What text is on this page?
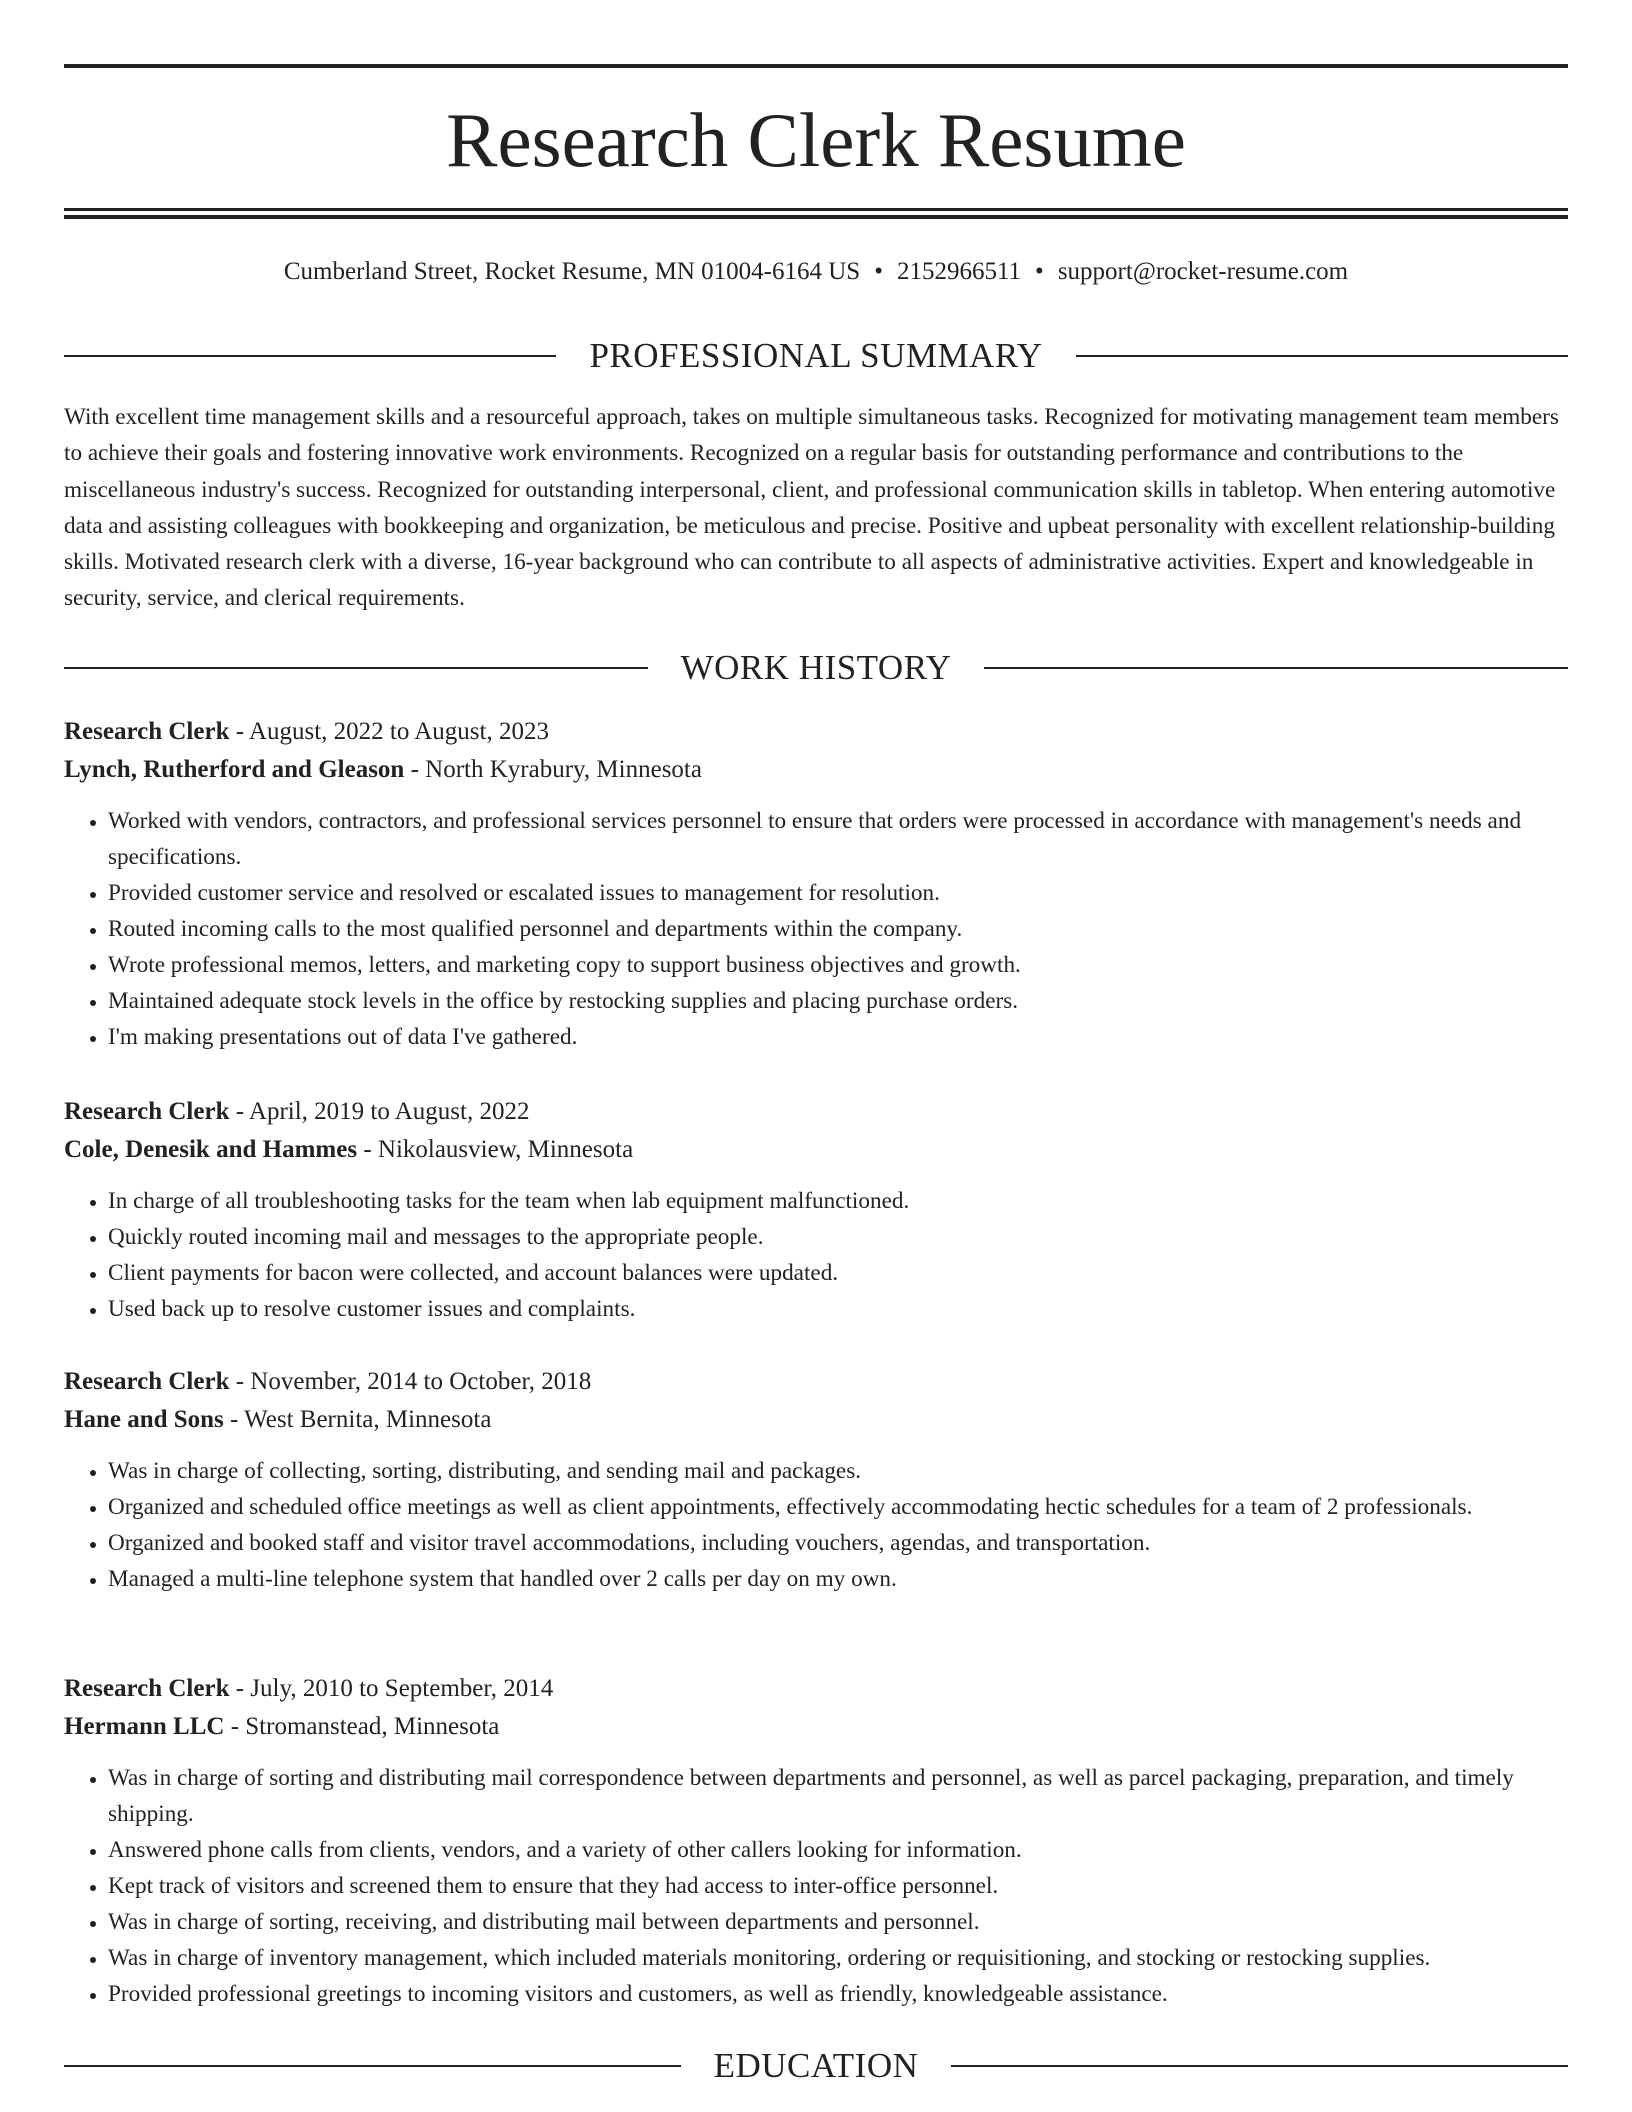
Research Clerk Resume
Cumberland Street, Rocket Resume, MN 01004-6164 US • 2152966511 • support@rocket-resume.com
PROFESSIONAL SUMMARY

With excellent time management skills and a resourceful approach, takes on multiple simultaneous tasks. Recognized for motivating management team members to achieve their goals and fostering innovative work environments. Recognized on a regular basis for outstanding performance and contributions to the miscellaneous industry's success. Recognized for outstanding interpersonal, client, and professional communication skills in tabletop. When entering automotive data and assisting colleagues with bookkeeping and organization, be meticulous and precise. Positive and upbeat personality with excellent relationship-building skills. Motivated research clerk with a diverse, 16-year background who can contribute to all aspects of administrative activities. Expert and knowledgeable in security, service, and clerical requirements.

WORK HISTORY
Research Clerk - August, 2022 to August, 2023
Lynch, Rutherford and Gleason - North Kyrabury, Minnesota
• Worked with vendors, contractors, and professional services personnel to ensure that orders were processed in accordance with management's needs and specifications.
• Provided customer service and resolved or escalated issues to management for resolution.
• Routed incoming calls to the most qualified personnel and departments within the company.
• Wrote professional memos, letters, and marketing copy to support business objectives and growth.
• Maintained adequate stock levels in the office by restocking supplies and placing purchase orders.
• I'm making presentations out of data I've gathered.
Research Clerk - April, 2019 to August, 2022
Cole, Denesik and Hammes - Nikolausview, Minnesota
• In charge of all troubleshooting tasks for the team when lab equipment malfunctioned.
• Quickly routed incoming mail and messages to the appropriate people.
• Client payments for bacon were collected, and account balances were updated.
• Used back up to resolve customer issues and complaints.
Research Clerk - November, 2014 to October, 2018
Hane and Sons - West Bernita, Minnesota
• Was in charge of collecting, sorting, distributing, and sending mail and packages.
• Organized and scheduled office meetings as well as client appointments, effectively accommodating hectic schedules for a team of 2 professionals.
• Organized and booked staff and visitor travel accommodations, including vouchers, agendas, and transportation.
• Managed a multi-line telephone system that handled over 2 calls per day on my own.
Research Clerk - July, 2010 to September, 2014
Hermann LLC - Stromanstead, Minnesota
• Was in charge of sorting and distributing mail correspondence between departments and personnel, as well as parcel packaging, preparation, and timely shipping.
• Answered phone calls from clients, vendors, and a variety of other callers looking for information.
• Kept track of visitors and screened them to ensure that they had access to inter-office personnel.
• Was in charge of sorting, receiving, and distributing mail between departments and personnel.
• Was in charge of inventory management, which included materials monitoring, ordering or requisitioning, and stocking or restocking supplies.
• Provided professional greetings to incoming visitors and customers, as well as friendly, knowledgeable assistance.
EDUCATION
